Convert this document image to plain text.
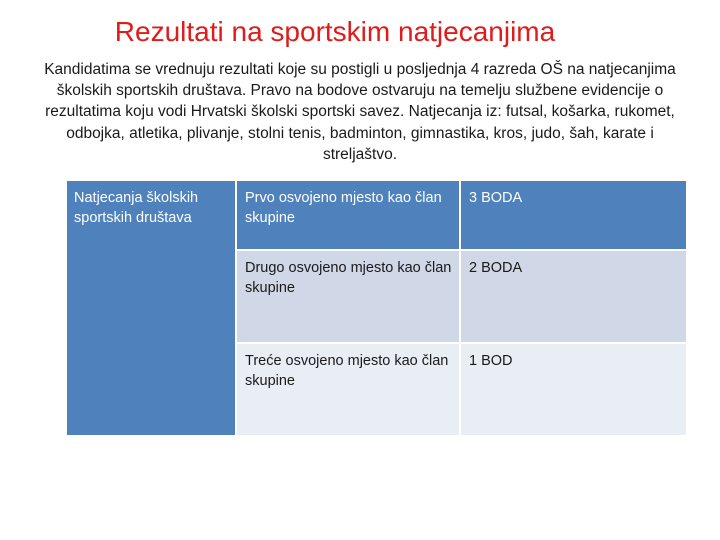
Rezultati na sportskim natjecanjima

Kandidatima se vrednuju rezultati koje su postigli u posljednja 4 razreda OŠ na natjecanjima školskih sportskih društava. Pravo na bodove ostvaruju na temelju službene evidencije o rezultatima koju vodi Hrvatski školski sportski savez. Natjecanja iz: futsal, košarka, rukomet, odbojka, atletika, plivanje, stolni tenis, badminton, gimnastika, kros, judo, šah, karate i streljaštvo.

Natjecanja školskih sportskih društava	Prvo osvojeno mjesto kao član skupine	3 BODA
	Drugo osvojeno mjesto kao član skupine	2 BODA
	Treće osvojeno mjesto kao član skupine	1 BOD
